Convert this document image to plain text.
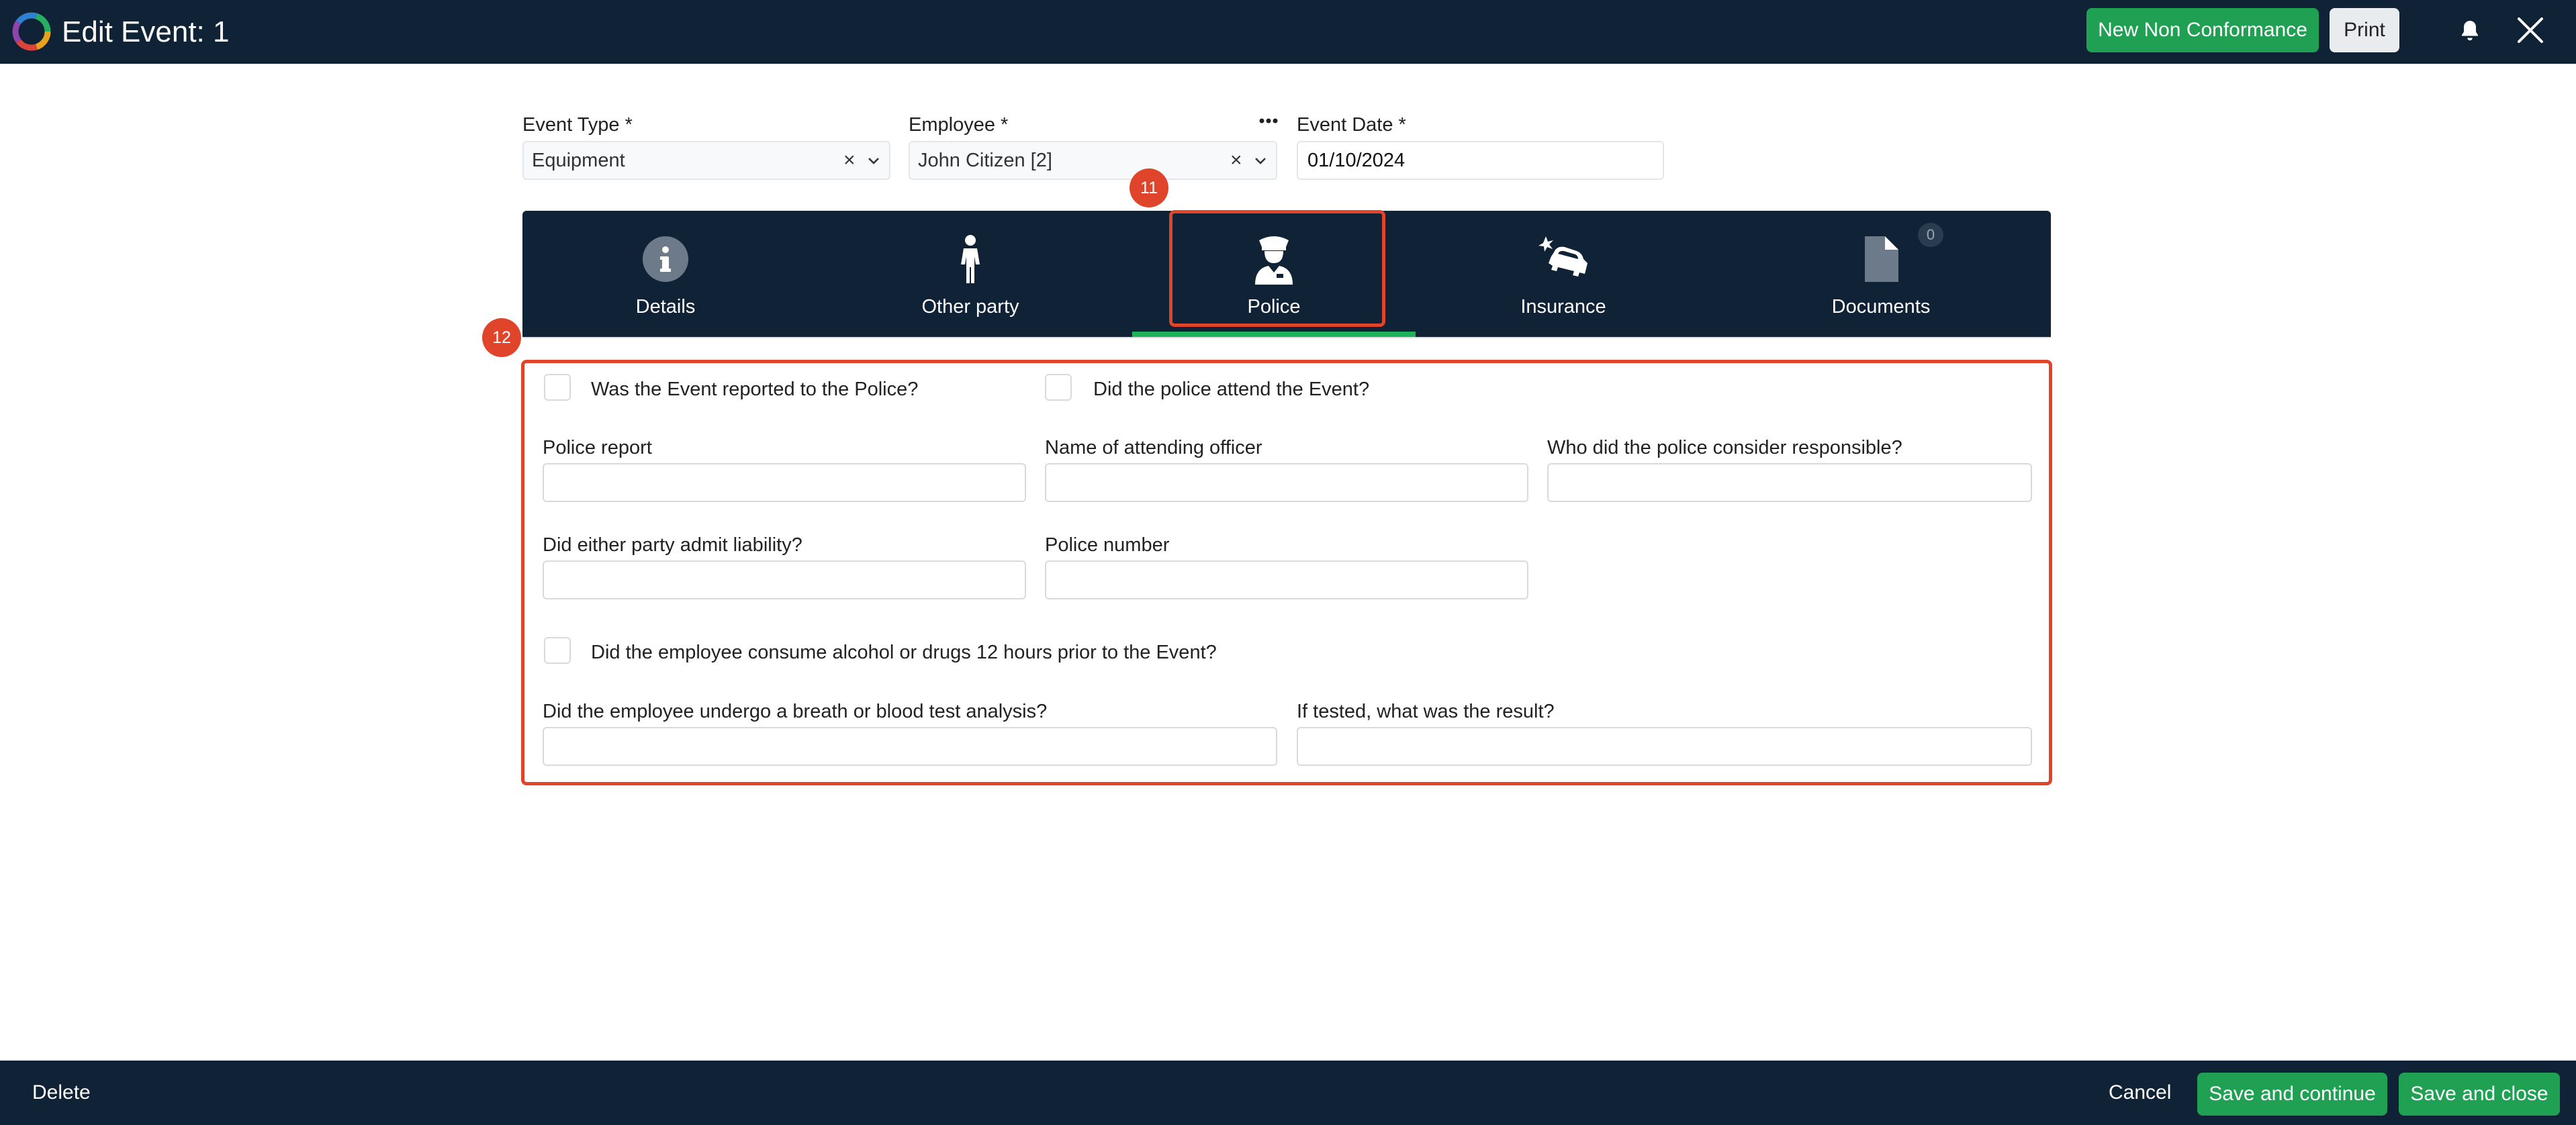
Edit Event: 1	New Non Conformance	Print
Event Type *
Equipment	×
Employee *
John Citizen [2]	×
Event Date *
01/10/2024
Details	Other party	Police	Insurance	Documents
0
11
12
Was the Event reported to the Police?	Did the police attend the Event?
Police report	Name of attending officer	Who did the police consider responsible?
Did either party admit liability?	Police number
Did the employee consume alcohol or drugs 12 hours prior to the Event?
Did the employee undergo a breath or blood test analysis?	If tested, what was the result?
Delete	Cancel	Save and continue	Save and close
